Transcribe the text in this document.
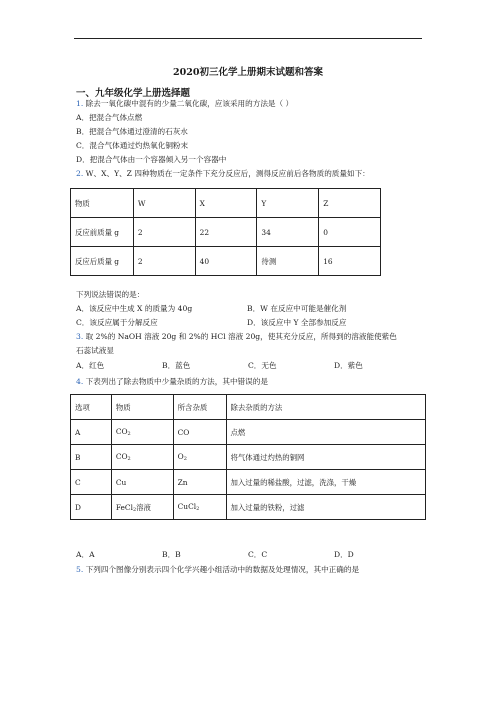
2020初三化学上册期末试题和答案
一、九年级化学上册选择题
1. 除去一氧化碳中混有的少量二氧化碳，应该采用的方法是（ ）
A．把混合气体点燃
B．把混合气体通过澄清的石灰水
C．混合气体通过灼热氧化铜粉末
D．把混合气体由一个容器倾入另一个容器中
2. W、X、Y、Z 四种物质在一定条件下充分反应后，测得反应前后各物质的质量如下：
物质	W	X	Y	Z
反应前质量 g	2	22	34	0
反应后质量 g	2	40	待测	16
下列说法错误的是：
A．该反应中生成 X 的质量为 40g	B．W 在反应中可能是催化剂
C．该反应属于分解反应	D．该反应中 Y 全部参加反应
3. 取 2%的 NaOH 溶液 20g 和 2%的 HCl 溶液 20g，使其充分反应，所得到的溶液能使紫色
石蕊试液显
A．红色	B．蓝色	C．无色	D．紫色
4. 下表列出了除去物质中少量杂质的方法，其中错误的是
选项	物质	所含杂质	除去杂质的方法
A	$CO_2$	CO	点燃
B	$CO_2$	$O_2$	将气体通过灼热的铜网
C	Cu	Zn	加入过量的稀盐酸，过滤，洗涤，干燥
D	FeCl$_2$溶液	CuCl$_2$	加入过量的铁粉，过滤
A．A	B．B	C．C	D．D
5. 下列四个图像分别表示四个化学兴趣小组活动中的数据及处理情况，其中正确的是
